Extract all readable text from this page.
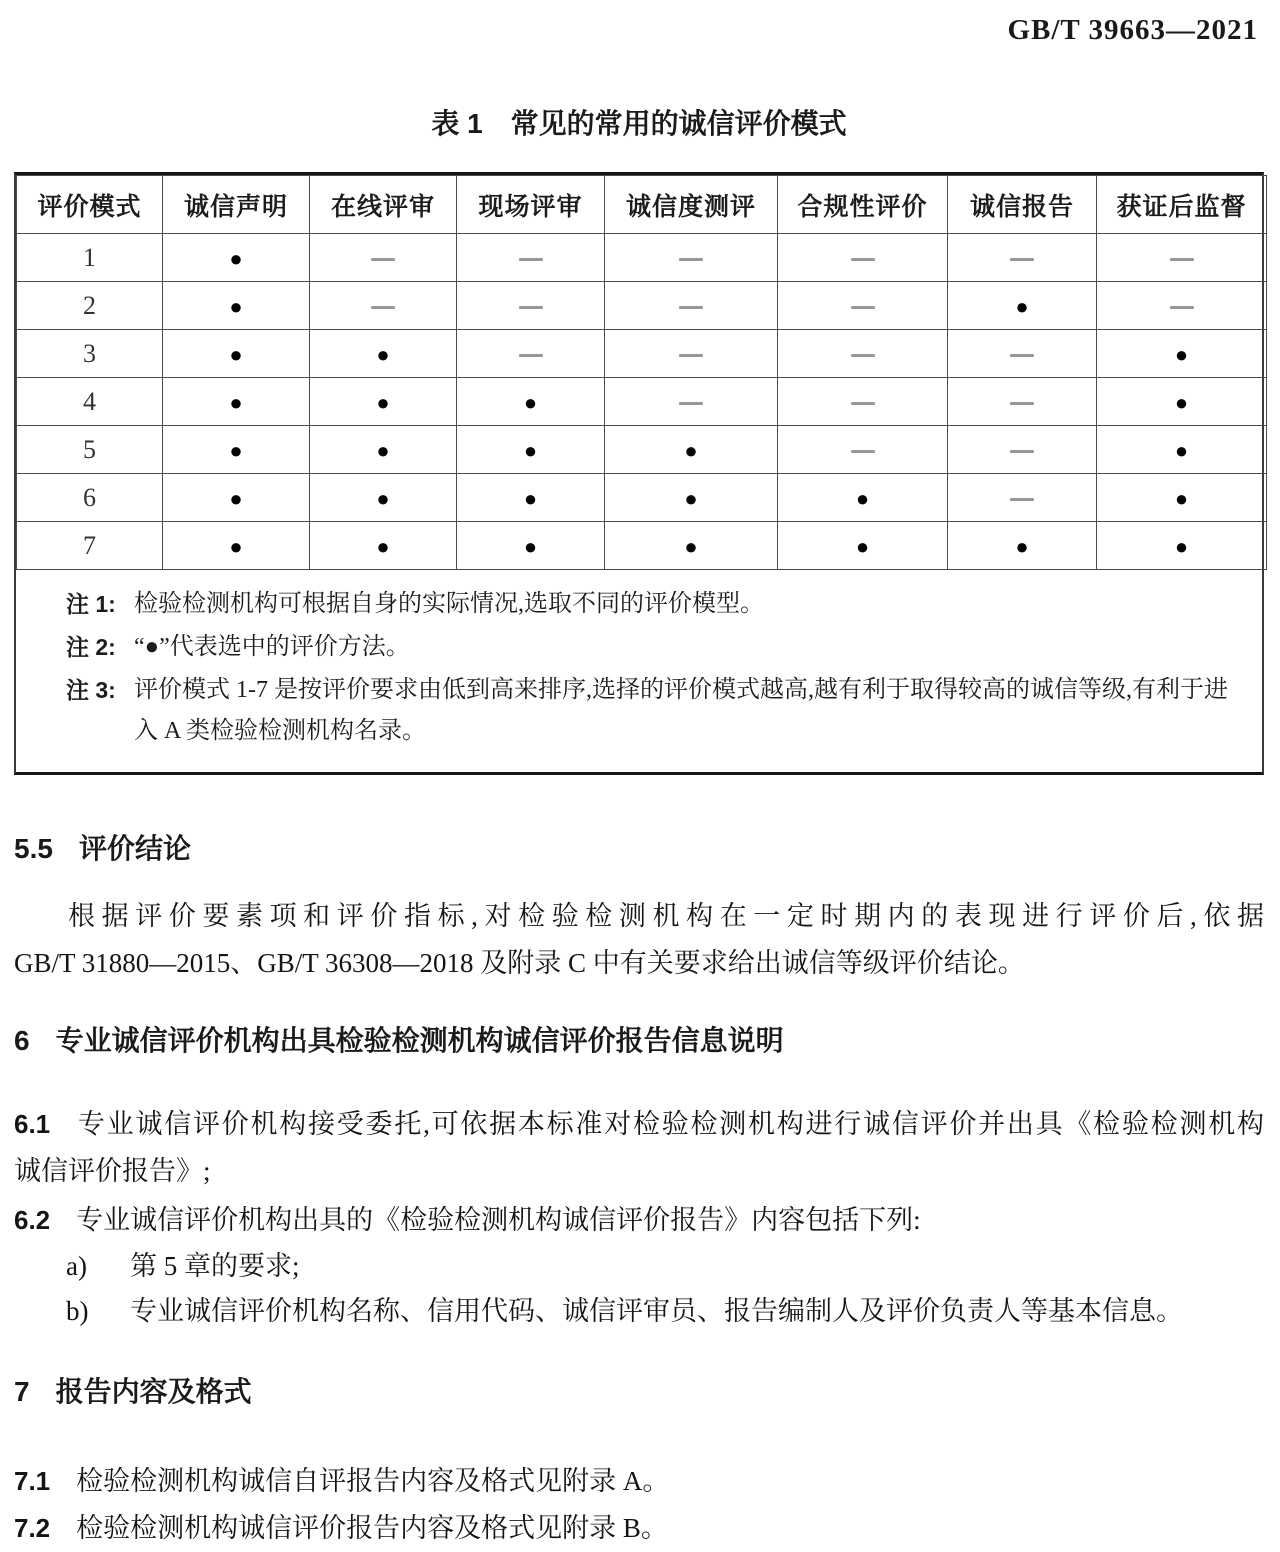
GB/T 39663—2021
表 1　常见的常用的诚信评价模式
评价模式	诚信声明	在线评审	现场评审	诚信度测评	合规性评价	诚信报告	获证后监督
1	●						
2	●					●	
3	●	●					●
4	●	●	●				●
5	●	●	●	●			●
6	●	●	●	●	●		●
7	●	●	●	●	●	●	●
注 1: 检验检测机构可根据自身的实际情况,选取不同的评价模型。
注 2: “●”代表选中的评价方法。
注 3: 评价模式 1-7 是按评价要求由低到高来排序,选择的评价模式越高,越有利于取得较高的诚信等级,有利于进入 A 类检验检测机构名录。
5.5 评价结论
根据评价要素项和评价指标,对检验检测机构在一定时期内的表现进行评价后,依据
GB/T 31880—2015、GB/T 36308—2018 及附录 C 中有关要求给出诚信等级评价结论。
6 专业诚信评价机构出具检验检测机构诚信评价报告信息说明
6.1 专业诚信评价机构接受委托,可依据本标准对检验检测机构进行诚信评价并出具《检验检测机构
诚信评价报告》;
6.2 专业诚信评价机构出具的《检验检测机构诚信评价报告》内容包括下列:
a) 第 5 章的要求;
b) 专业诚信评价机构名称、信用代码、诚信评审员、报告编制人及评价负责人等基本信息。
7 报告内容及格式
7.1 检验检测机构诚信自评报告内容及格式见附录 A。
7.2 检验检测机构诚信评价报告内容及格式见附录 B。
